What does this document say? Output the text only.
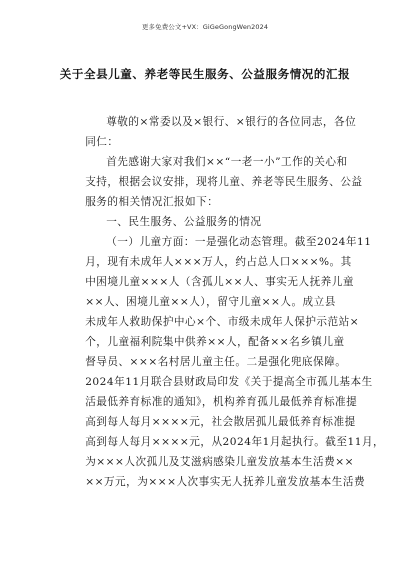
更多免费公文+VX：GiGeGongWen2024
关于全县儿童、养老等民生服务、公益服务情况的汇报
尊敬的×常委以及×银行、×银行的各位同志，各位
同仁：
首先感谢大家对我们××“一老一小”工作的关心和
支持，根据会议安排，现将儿童、养老等民生服务、公益
服务的相关情况汇报如下：
一、民生服务、公益服务的情况
（一）儿童方面：一是强化动态管理。截至2024年11
月，现有未成年人×××万人，约占总人口×××%。其
中困境儿童×××人（含孤儿××人、事实无人抚养儿童
××人、困境儿童××人），留守儿童××人。成立县
未成年人救助保护中心×个、市级未成年人保护示范站×
个，儿童福利院集中供养××人，配备××名乡镇儿童
督导员、×××名村居儿童主任。二是强化兜底保障。
2024年11月联合县财政局印发《关于提高全市孤儿基本生
活最低养育标准的通知》，机构养育孤儿最低养育标准提
高到每人每月××××元，社会散居孤儿最低养育标准提
高到每人每月××××元，从2024年1月起执行。截至11月，
为×××人次孤儿及艾滋病感染儿童发放基本生活费××
××万元，为×××人次事实无人抚养儿童发放基本生活费
